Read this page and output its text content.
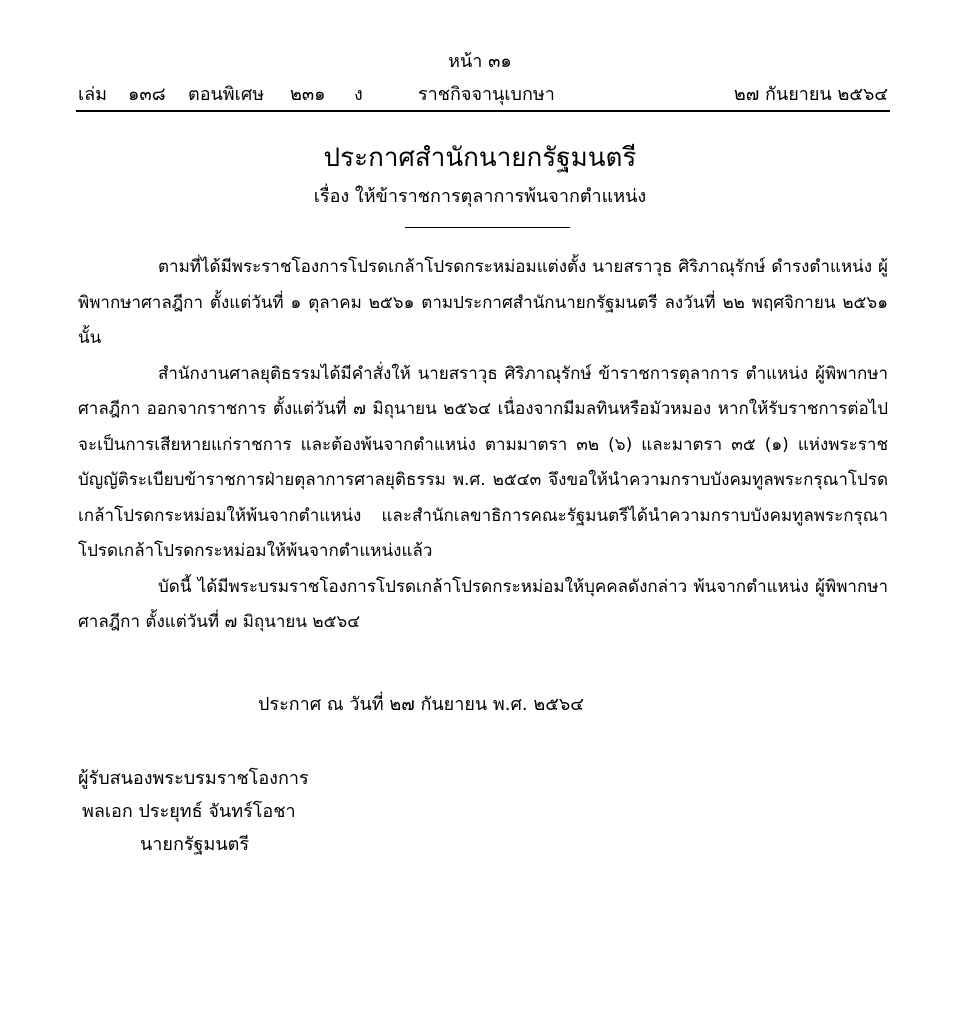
หน้า ๓๑
เล่ม ๑๓๘ ตอนพิเศษ ๒๓๑ ง	ราชกิจจานุเบกษา	๒๗ กันยายน ๒๕๖๔
ประกาศสำนักนายกรัฐมนตรี
เรื่อง ให้ข้าราชการตุลาการพ้นจากตำแหน่ง

ตามที่ได้มีพระราชโองการโปรดเกล้าโปรดกระหม่อมแต่งตั้ง นายสราวุธ ศิริภาณุรักษ์ ดำรงตำแหน่ง ผู้พิพากษาศาลฎีกา ตั้งแต่วันที่ ๑ ตุลาคม ๒๕๖๑ ตามประกาศสำนักนายกรัฐมนตรี ลงวันที่ ๒๒ พฤศจิกายน ๒๕๖๑ นั้น

สำนักงานศาลยุติธรรมได้มีคำสั่งให้ นายสราวุธ ศิริภาณุรักษ์ ข้าราชการตุลาการ ตำแหน่ง ผู้พิพากษาศาลฎีกา ออกจากราชการ ตั้งแต่วันที่ ๗ มิถุนายน ๒๕๖๔ เนื่องจากมีมลทินหรือมัวหมอง หากให้รับราชการต่อไปจะเป็นการเสียหายแก่ราชการ และต้องพ้นจากตำแหน่ง ตามมาตรา ๓๒ (๖) และมาตรา ๓๕ (๑) แห่งพระราชบัญญัติระเบียบข้าราชการฝ่ายตุลาการศาลยุติธรรม พ.ศ. ๒๕๔๓ จึงขอให้นำความกราบบังคมทูลพระกรุณาโปรดเกล้าโปรดกระหม่อมให้พ้นจากตำแหน่ง และสำนักเลขาธิการคณะรัฐมนตรีได้นำความกราบบังคมทูลพระกรุณาโปรดเกล้าโปรดกระหม่อมให้พ้นจากตำแหน่งแล้ว

บัดนี้ ได้มีพระบรมราชโองการโปรดเกล้าโปรดกระหม่อมให้บุคคลดังกล่าว พ้นจากตำแหน่ง ผู้พิพากษาศาลฎีกา ตั้งแต่วันที่ ๗ มิถุนายน ๒๕๖๔

ประกาศ ณ วันที่ ๒๗ กันยายน พ.ศ. ๒๕๖๔
ผู้รับสนองพระบรมราชโองการ
พลเอก ประยุทธ์ จันทร์โอชา
นายกรัฐมนตรี
